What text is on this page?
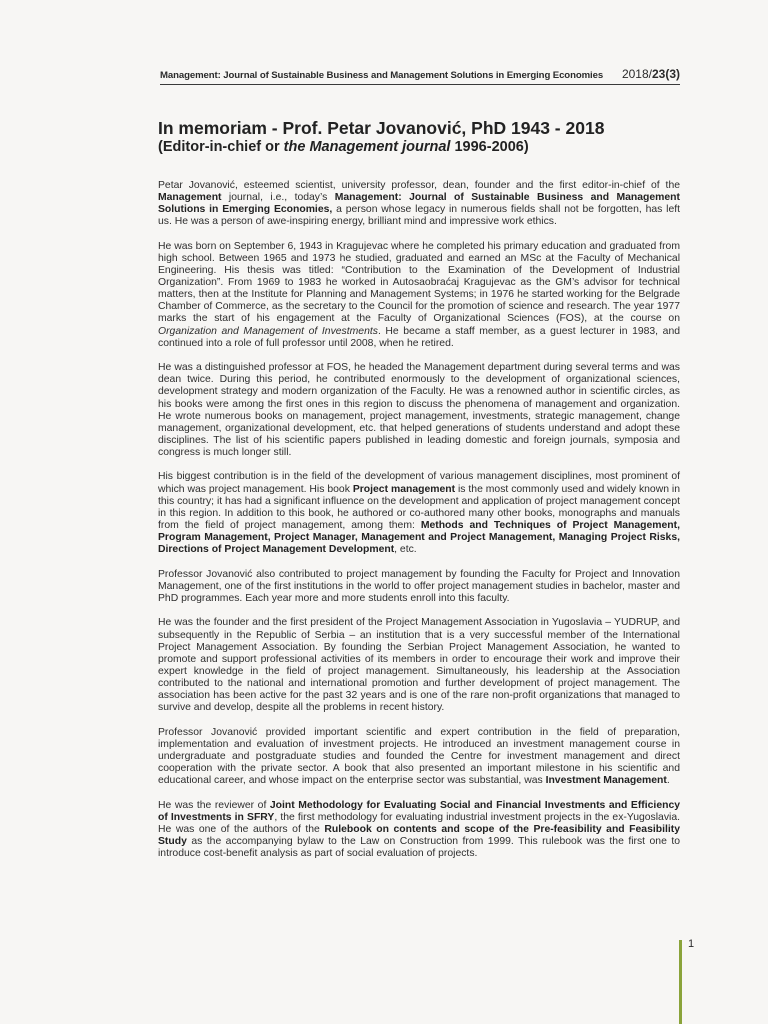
Management: Journal of Sustainable Business and Management Solutions in Emerging Economies 2018/23(3)
In memoriam - Prof. Petar Jovanović, PhD 1943 - 2018
(Editor-in-chief or the Management journal 1996-2006)

Petar Jovanović, esteemed scientist, university professor, dean, founder and the first editor-in-chief of the Management journal, i.e., today’s Management: Journal of Sustainable Business and Management Solutions in Emerging Economies, a person whose legacy in numerous fields shall not be forgotten, has left us. He was a person of awe-inspiring energy, brilliant mind and impressive work ethics.

He was born on September 6, 1943 in Kragujevac where he completed his primary education and graduated from high school. Between 1965 and 1973 he studied, graduated and earned an MSc at the Faculty of Mechanical Engineering. His thesis was titled: “Contribution to the Examination of the Development of Industrial Organization”. From 1969 to 1983 he worked in Autosaobraćaj Kragujevac as the GM’s advisor for technical matters, then at the Institute for Planning and Management Systems; in 1976 he started working for the Belgrade Chamber of Commerce, as the secretary to the Council for the promotion of science and research. The year 1977 marks the start of his engagement at the Faculty of Organizational Sciences (FOS), at the course on Organization and Management of Investments. He became a staff member, as a guest lecturer in 1983, and continued into a role of full professor until 2008, when he retired.

He was a distinguished professor at FOS, he headed the Management department during several terms and was dean twice. During this period, he contributed enormously to the development of organizational sciences, development strategy and modern organization of the Faculty. He was a renowned author in scientific circles, as his books were among the first ones in this region to discuss the phenomena of management and organization. He wrote numerous books on management, project management, investments, strategic management, change management, organizational development, etc. that helped generations of students understand and adopt these disciplines. The list of his scientific papers published in leading domestic and foreign journals, symposia and congress is much longer still.

His biggest contribution is in the field of the development of various management disciplines, most prominent of which was project management. His book Project management is the most commonly used and widely known in this country; it has had a significant influence on the development and application of project management concept in this region. In addition to this book, he authored or co-authored many other books, monographs and manuals from the field of project management, among them: Methods and Techniques of Project Management, Program Management, Project Manager, Management and Project Management, Managing Project Risks, Directions of Project Management Development, etc.

Professor Jovanović also contributed to project management by founding the Faculty for Project and Innovation Management, one of the first institutions in the world to offer project management studies in bachelor, master and PhD programmes. Each year more and more students enroll into this faculty.

He was the founder and the first president of the Project Management Association in Yugoslavia – YUDRUP, and subsequently in the Republic of Serbia – an institution that is a very successful member of the International Project Management Association. By founding the Serbian Project Management Association, he wanted to promote and support professional activities of its members in order to encourage their work and improve their expert knowledge in the field of project management. Simultaneously, his leadership at the Association contributed to the national and international promotion and further development of project management. The association has been active for the past 32 years and is one of the rare non-profit organizations that managed to survive and develop, despite all the problems in recent history.

Professor Jovanović provided important scientific and expert contribution in the field of preparation, implementation and evaluation of investment projects. He introduced an investment management course in undergraduate and postgraduate studies and founded the Centre for investment management and direct cooperation with the private sector. A book that also presented an important milestone in his scientific and educational career, and whose impact on the enterprise sector was substantial, was Investment Management.

He was the reviewer of Joint Methodology for Evaluating Social and Financial Investments and Efficiency of Investments in SFRY, the first methodology for evaluating industrial investment projects in the ex-Yugoslavia. He was one of the authors of the Rulebook on contents and scope of the Pre-feasibility and Feasibility Study as the accompanying bylaw to the Law on Construction from 1999. This rulebook was the first one to introduce cost-benefit analysis as part of social evaluation of projects.

1
